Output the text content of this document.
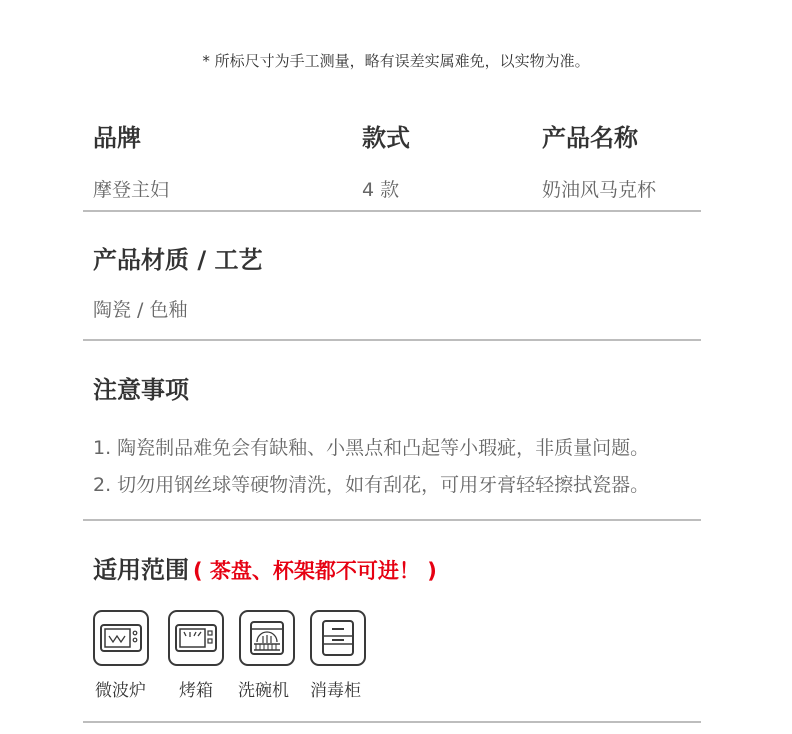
* 所标尺寸为手工测量，略有误差实属难免，以实物为准。
品牌	款式	产品名称
摩登主妇	4 款	奶油风马克杯
产品材质 / 工艺
陶瓷 / 色釉
注意事项
1. 陶瓷制品难免会有缺釉、小黑点和凸起等小瑕疵，非质量问题。
2. 切勿用钢丝球等硬物清洗，如有刮花，可用牙膏轻轻擦拭瓷器。
适用范围 ( 茶盘、杯架都不可进！ )
微波炉 烤箱 洗碗机 消毒柜
